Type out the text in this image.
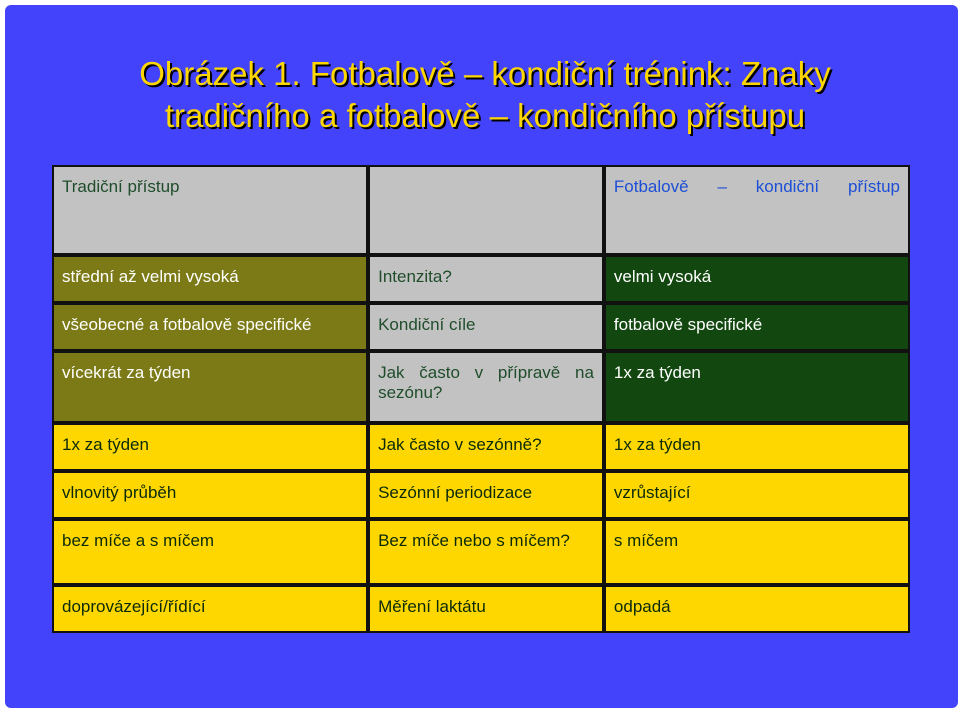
Obrázek 1. Fotbalově – kondiční trénink: Znaky
tradičního a fotbalově – kondičního přístupu
Tradiční přístup		Fotbalově – kondiční přístup
střední až velmi vysoká	Intenzita?	velmi vysoká
všeobecné a fotbalově specifické	Kondiční cíle	fotbalově specifické
vícekrát za týden	Jak často v přípravě na sezónu?	1x za týden
1x za týden	Jak často v sezónně?	1x za týden
vlnovitý průběh	Sezónní periodizace	vzrůstající
bez míče a s míčem	Bez míče nebo s míčem?	s míčem
doprovázející/řídící	Měření laktátu	odpadá
